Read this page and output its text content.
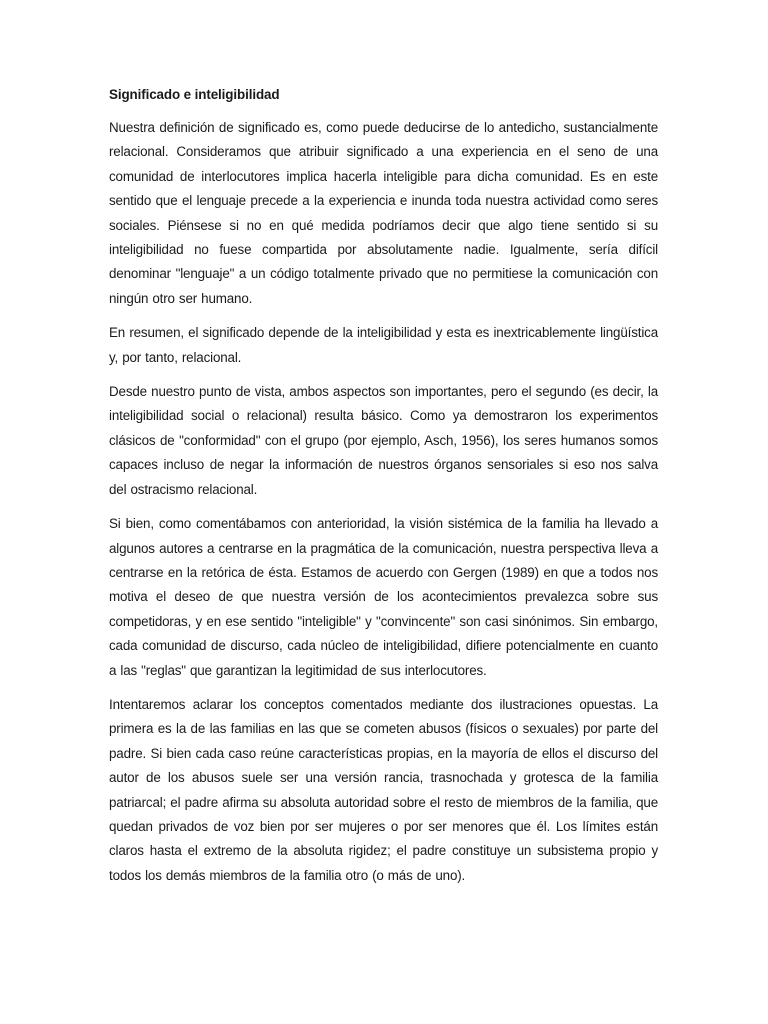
Significado e inteligibilidad

Nuestra definición de significado es, como puede deducirse de lo antedicho, sustancialmente relacional. Consideramos que atribuir significado a una experiencia en el seno de una comunidad de interlocutores implica hacerla inteligible para dicha comunidad. Es en este sentido que el lenguaje precede a la experiencia e inunda toda nuestra actividad como seres sociales. Piénsese si no en qué medida podríamos decir que algo tiene sentido si su inteligibilidad no fuese compartida por absolutamente nadie. Igualmente, sería difícil denominar "lenguaje" a un código totalmente privado que no permitiese la comunicación con ningún otro ser humano.

En resumen, el significado depende de la inteligibilidad y esta es inextricablemente lingüística y, por tanto, relacional.

Desde nuestro punto de vista, ambos aspectos son importantes, pero el segundo (es decir, la inteligibilidad social o relacional) resulta básico. Como ya demostraron los experimentos clásicos de "conformidad" con el grupo (por ejemplo, Asch, 1956), los seres humanos somos capaces incluso de negar la información de nuestros órganos sensoriales si eso nos salva del ostracismo relacional.

Si bien, como comentábamos con anterioridad, la visión sistémica de la familia ha llevado a algunos autores a centrarse en la pragmática de la comunicación, nuestra perspectiva lleva a centrarse en la retórica de ésta. Estamos de acuerdo con Gergen (1989) en que a todos nos motiva el deseo de que nuestra versión de los acontecimientos prevalezca sobre sus competidoras, y en ese sentido "inteligible" y "convincente" son casi sinónimos. Sin embargo, cada comunidad de discurso, cada núcleo de inteligibilidad, difiere potencialmente en cuanto a las "reglas" que garantizan la legitimidad de sus interlocutores.

Intentaremos aclarar los conceptos comentados mediante dos ilustraciones opuestas. La primera es la de las familias en las que se cometen abusos (físicos o sexuales) por parte del padre. Si bien cada caso reúne características propias, en la mayoría de ellos el discurso del autor de los abusos suele ser una versión rancia, trasnochada y grotesca de la familia patriarcal; el padre afirma su absoluta autoridad sobre el resto de miembros de la familia, que quedan privados de voz bien por ser mujeres o por ser menores que él. Los límites están claros hasta el extremo de la absoluta rigidez; el padre constituye un subsistema propio y todos los demás miembros de la familia otro (o más de uno).
